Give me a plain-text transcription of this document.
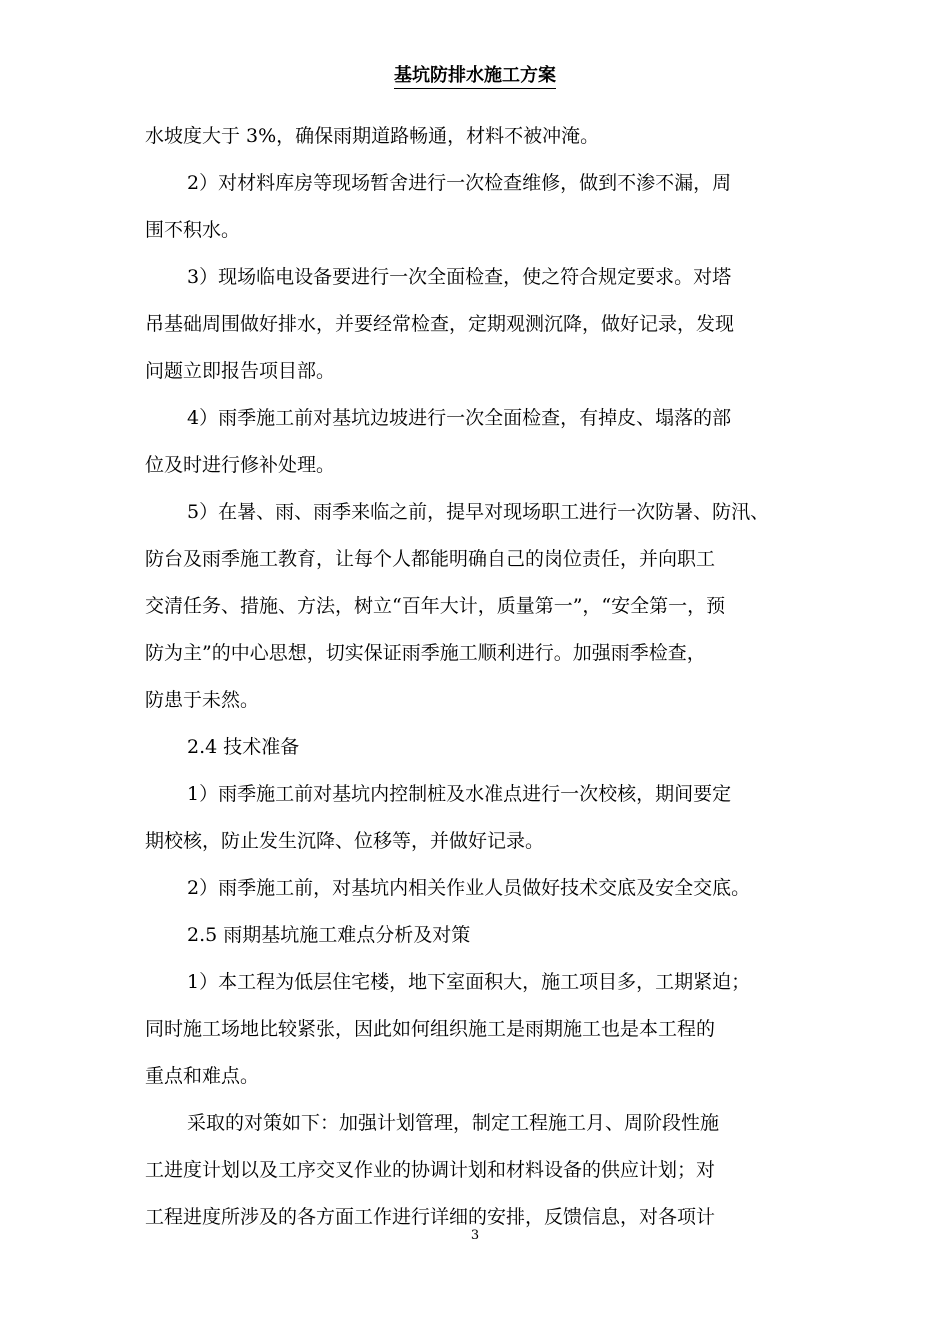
基坑防排水施工方案
水坡度大于 3%，确保雨期道路畅通，材料不被冲淹。
2）对材料库房等现场暂舍进行一次检查维修，做到不渗不漏，周
围不积水。
3）现场临电设备要进行一次全面检查，使之符合规定要求。对塔
吊基础周围做好排水，并要经常检查，定期观测沉降，做好记录，发现
问题立即报告项目部。
4）雨季施工前对基坑边坡进行一次全面检查，有掉皮、塌落的部
位及时进行修补处理。
5）在暑、雨、雨季来临之前，提早对现场职工进行一次防暑、防汛、
防台及雨季施工教育，让每个人都能明确自己的岗位责任，并向职工
交清任务、措施、方法，树立“百年大计，质量第一”，“安全第一，预
防为主”的中心思想，切实保证雨季施工顺利进行。加强雨季检查，
防患于未然。
2.4 技术准备
1）雨季施工前对基坑内控制桩及水准点进行一次校核，期间要定
期校核，防止发生沉降、位移等，并做好记录。
2）雨季施工前，对基坑内相关作业人员做好技术交底及安全交底。
2.5 雨期基坑施工难点分析及对策
1）本工程为低层住宅楼，地下室面积大，施工项目多，工期紧迫；
同时施工场地比较紧张，因此如何组织施工是雨期施工也是本工程的
重点和难点。
采取的对策如下：加强计划管理，制定工程施工月、周阶段性施
工进度计划以及工序交叉作业的协调计划和材料设备的供应计划；对
工程进度所涉及的各方面工作进行详细的安排，反馈信息，对各项计
3
